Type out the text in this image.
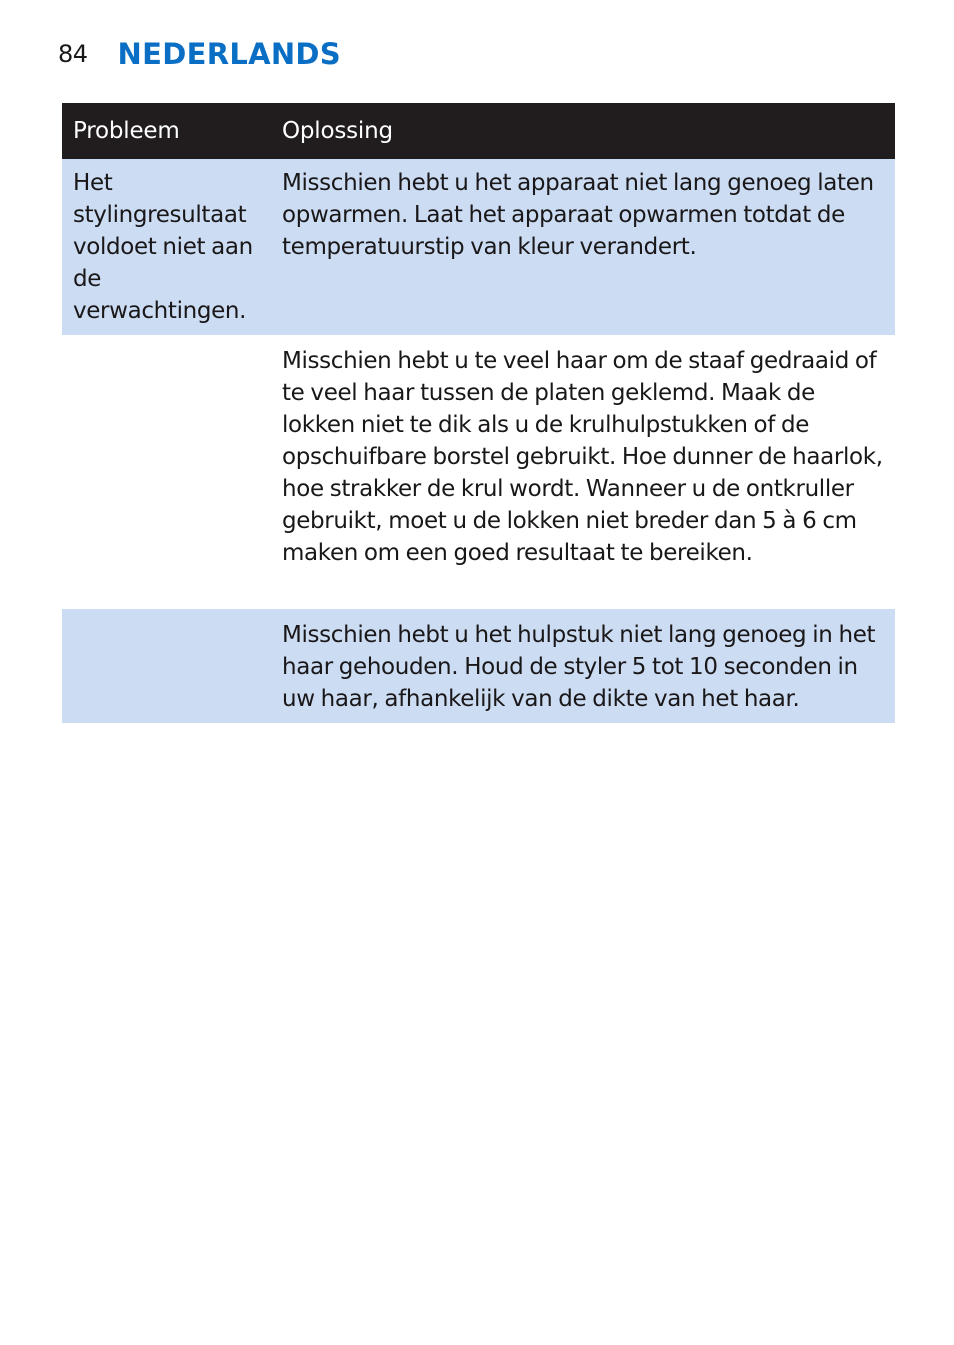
84 NEDERLANDS
Probleem	Oplossing
Het stylingresultaat voldoet niet aan de verwachtingen.	Misschien hebt u het apparaat niet lang genoeg laten opwarmen. Laat het apparaat opwarmen totdat de temperatuurstip van kleur verandert.
	Misschien hebt u te veel haar om de staaf gedraaid of te veel haar tussen de platen geklemd. Maak de lokken niet te dik als u de krulhulpstukken of de opschuifbare borstel gebruikt. Hoe dunner de haarlok, hoe strakker de krul wordt. Wanneer u de ontkruller gebruikt, moet u de lokken niet breder dan 5 à 6 cm maken om een goed resultaat te bereiken.
	Misschien hebt u het hulpstuk niet lang genoeg in het haar gehouden. Houd de styler 5 tot 10 seconden in uw haar, afhankelijk van de dikte van het haar.
